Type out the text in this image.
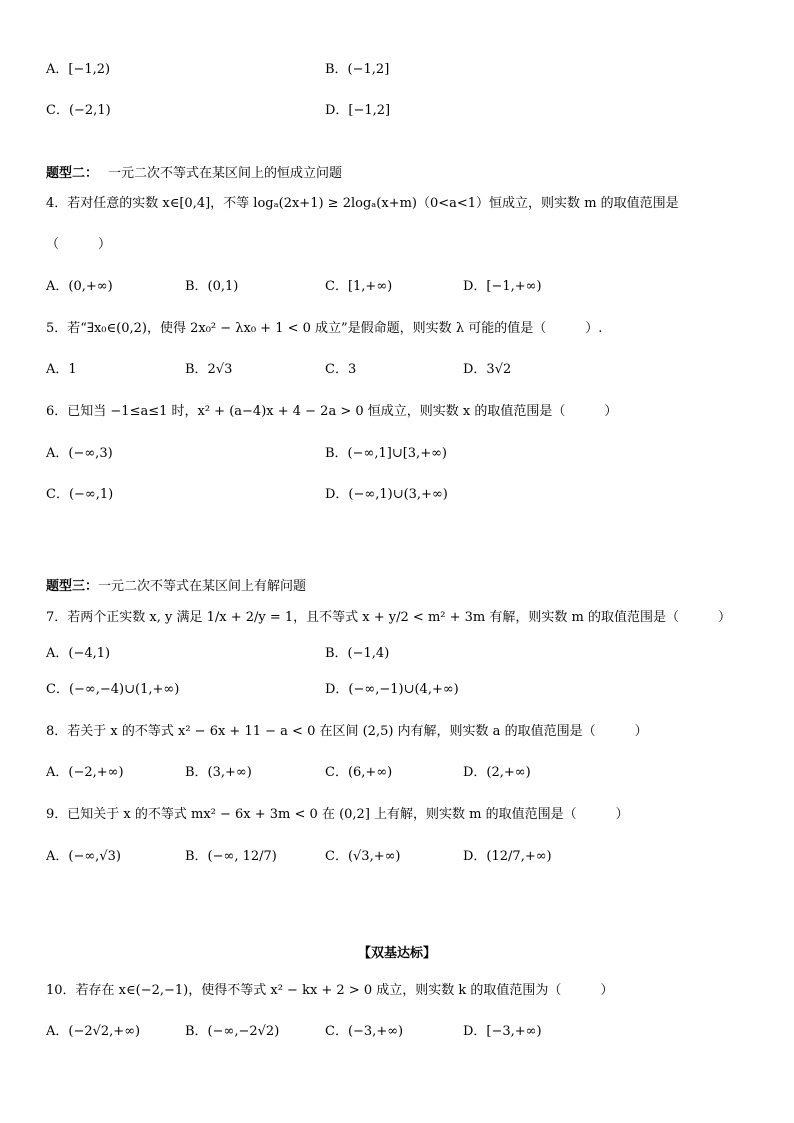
A．[−1,2)	B．(−1,2]
C．(−2,1)	D．[−1,2]
题型二： 一元二次不等式在某区间上的恒成立问题
4．若对任意的实数 x∈[0,4]，不等 logₐ(2x+1) ≥ 2logₐ(x+m)（0<a<1）恒成立，则实数 m 的取值范围是
（　　　）
A．(0,+∞)	B．(0,1)	C．[1,+∞)	D．[−1,+∞)
5．若“∃x₀∈(0,2)，使得 2x₀² − λx₀ + 1 < 0 成立”是假命题，则实数 λ 可能的值是（　　　）.
A．1	B．2√3	C．3	D．3√2
6．已知当 −1≤a≤1 时，x² + (a−4)x + 4 − 2a > 0 恒成立，则实数 x 的取值范围是（　　　）
A．(−∞,3)	B．(−∞,1]∪[3,+∞)
C．(−∞,1)	D．(−∞,1)∪(3,+∞)
题型三：一元二次不等式在某区间上有解问题
7．若两个正实数 x, y 满足 1/x + 2/y = 1，且不等式 x + y/2 < m² + 3m 有解，则实数 m 的取值范围是（　　　）
A．(−4,1)	B．(−1,4)
C．(−∞,−4)∪(1,+∞)	D．(−∞,−1)∪(4,+∞)
8．若关于 x 的不等式 x² − 6x + 11 − a < 0 在区间 (2,5) 内有解，则实数 a 的取值范围是（　　　）
A．(−2,+∞)	B．(3,+∞)	C．(6,+∞)	D．(2,+∞)
9．已知关于 x 的不等式 mx² − 6x + 3m < 0 在 (0,2] 上有解，则实数 m 的取值范围是（　　　）
A．(−∞,√3)	B．(−∞, 12/7)	C．(√3,+∞)	D．(12/7,+∞)
【双基达标】
10．若存在 x∈(−2,−1)，使得不等式 x² − kx + 2 > 0 成立，则实数 k 的取值范围为（　　　）
A．(−2√2,+∞)	B．(−∞,−2√2)	C．(−3,+∞)	D．[−3,+∞)
